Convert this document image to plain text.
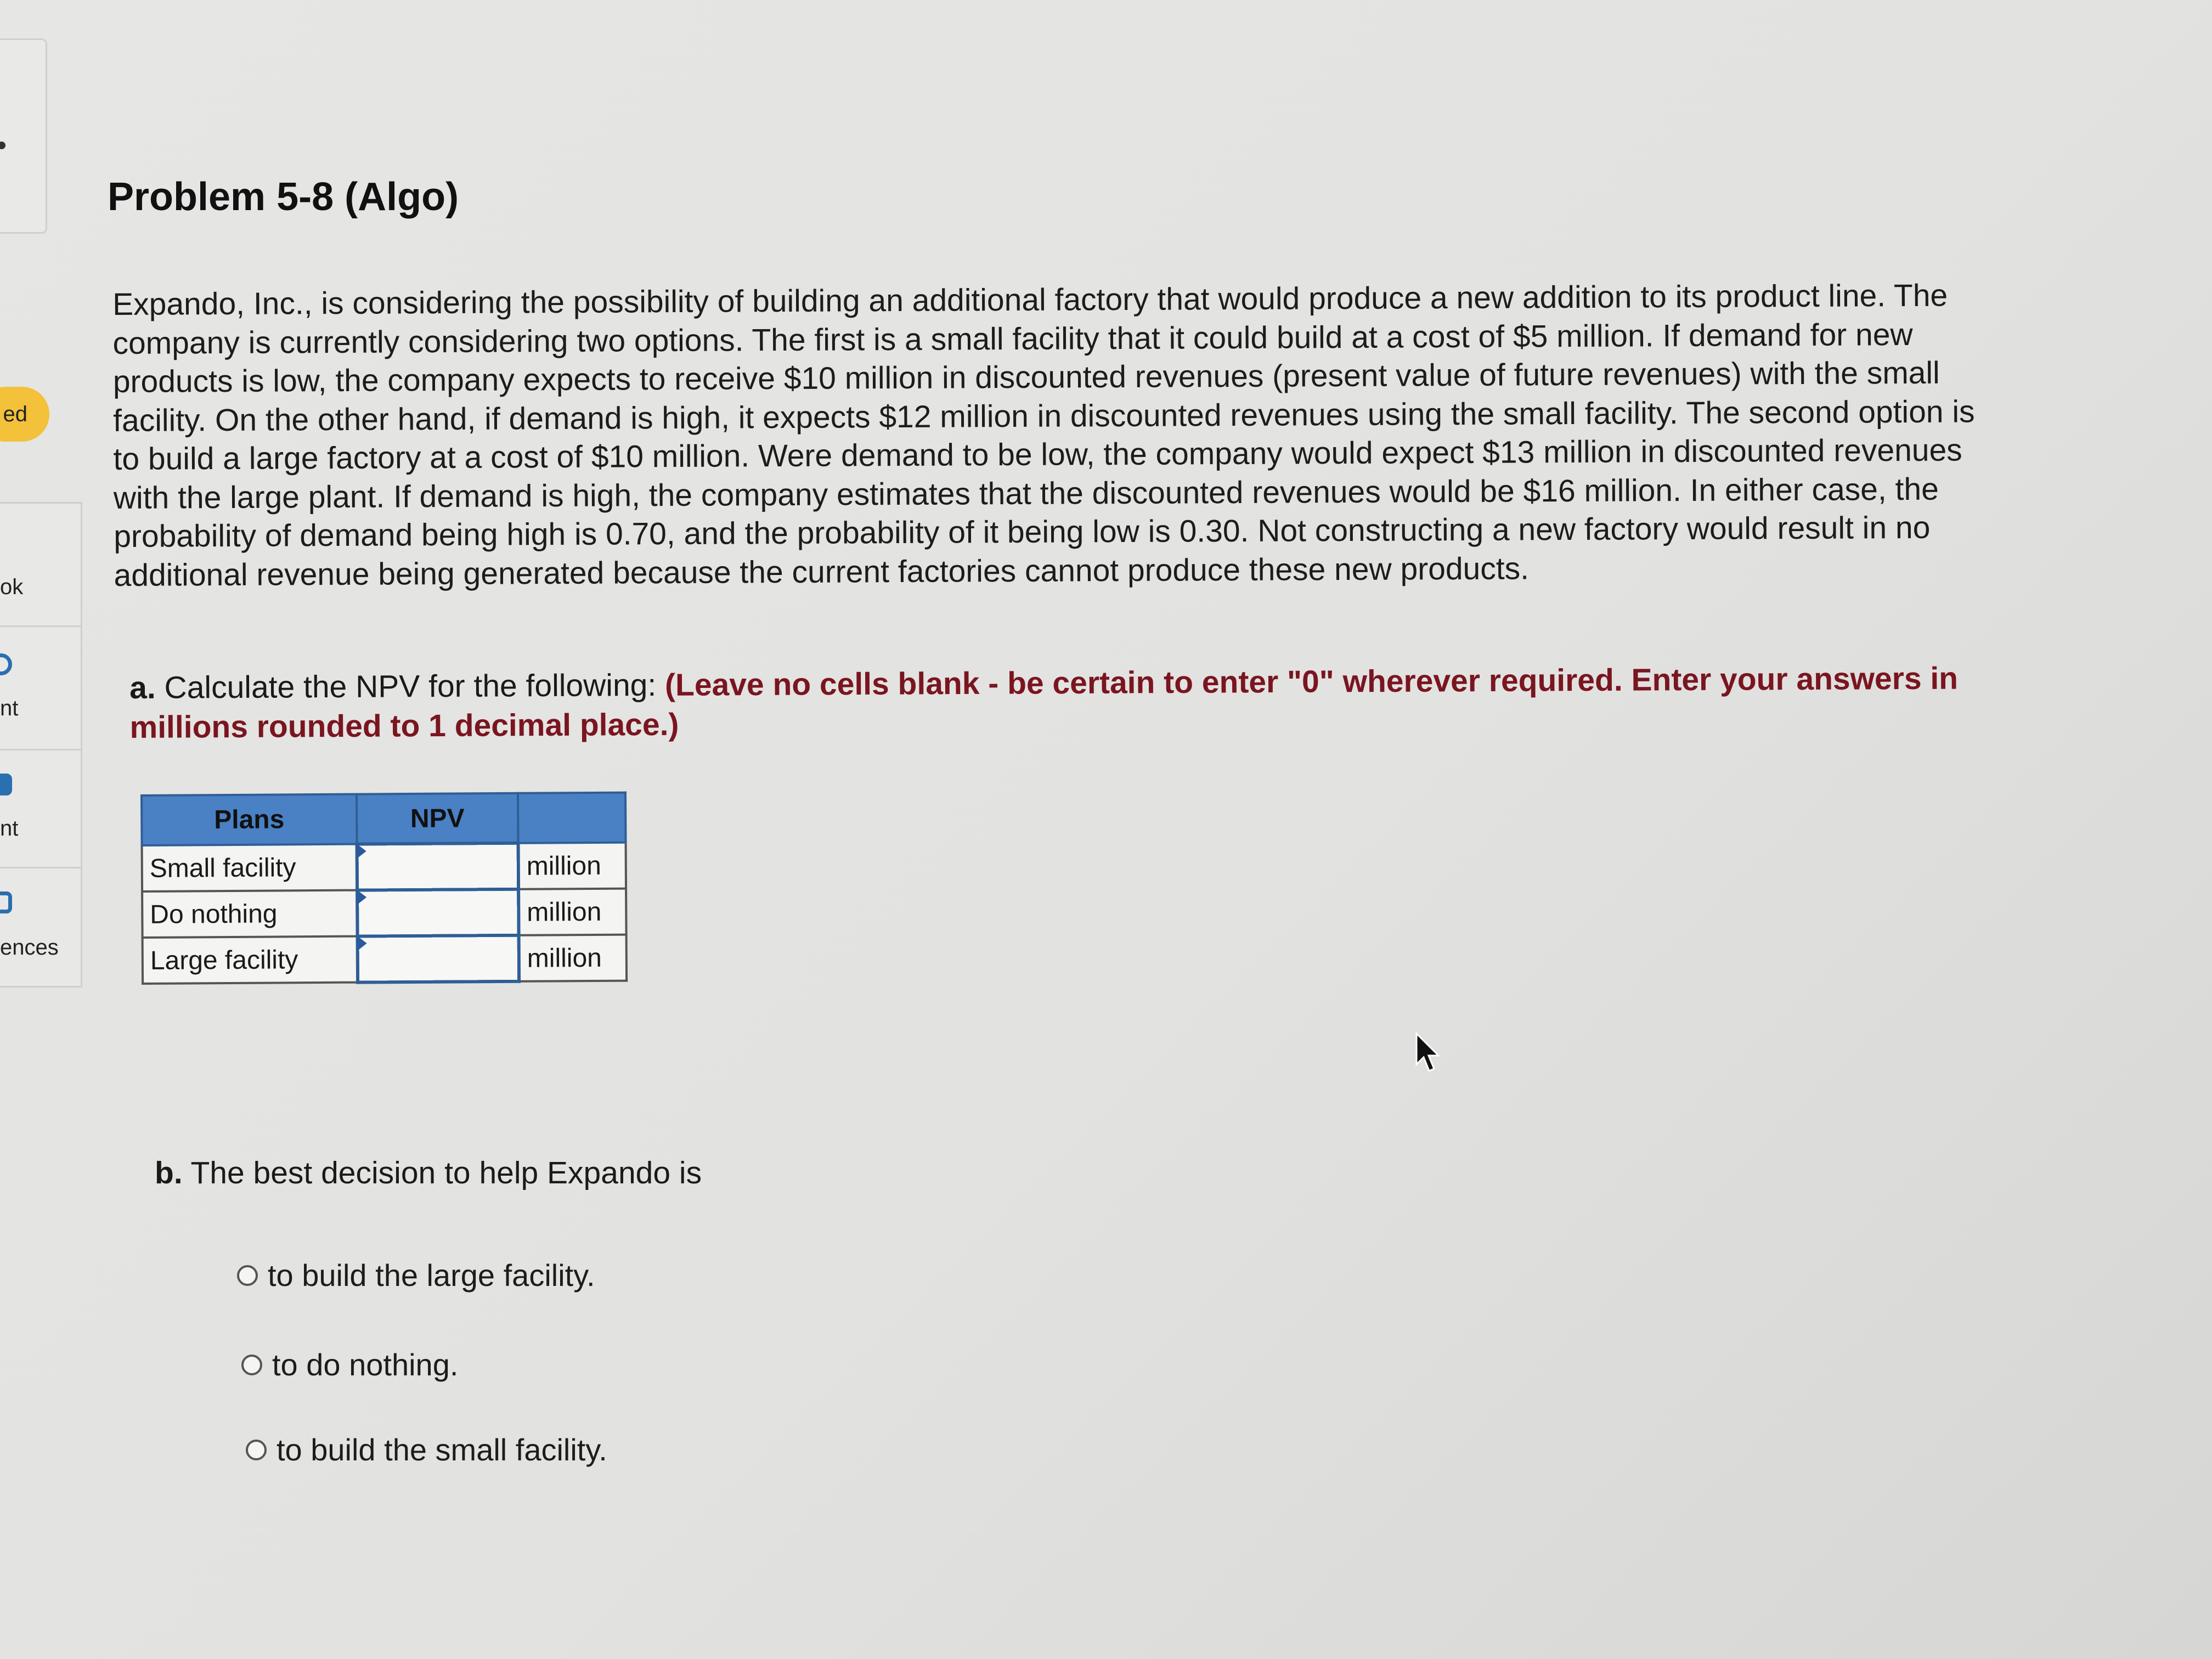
ed
ok
nt
nt
ences
Problem 5-8 (Algo)
Expando, Inc., is considering the possibility of building an additional factory that would produce a new addition to its product line. The company is currently considering two options. The first is a small facility that it could build at a cost of $5 million. If demand for new products is low, the company expects to receive $10 million in discounted revenues (present value of future revenues) with the small facility. On the other hand, if demand is high, it expects $12 million in discounted revenues using the small facility. The second option is to build a large factory at a cost of $10 million. Were demand to be low, the company would expect $13 million in discounted revenues with the large plant. If demand is high, the company estimates that the discounted revenues would be $16 million. In either case, the probability of demand being high is 0.70, and the probability of it being low is 0.30. Not constructing a new factory would result in no additional revenue being generated because the current factories cannot produce these new products.
a. Calculate the NPV for the following: (Leave no cells blank - be certain to enter "0" wherever required. Enter your answers in millions rounded to 1 decimal place.)
Plans	NPV	
Small facility		million
Do nothing		million
Large facility		million
b. The best decision to help Expando is
to build the large facility.
to do nothing.
to build the small facility.
